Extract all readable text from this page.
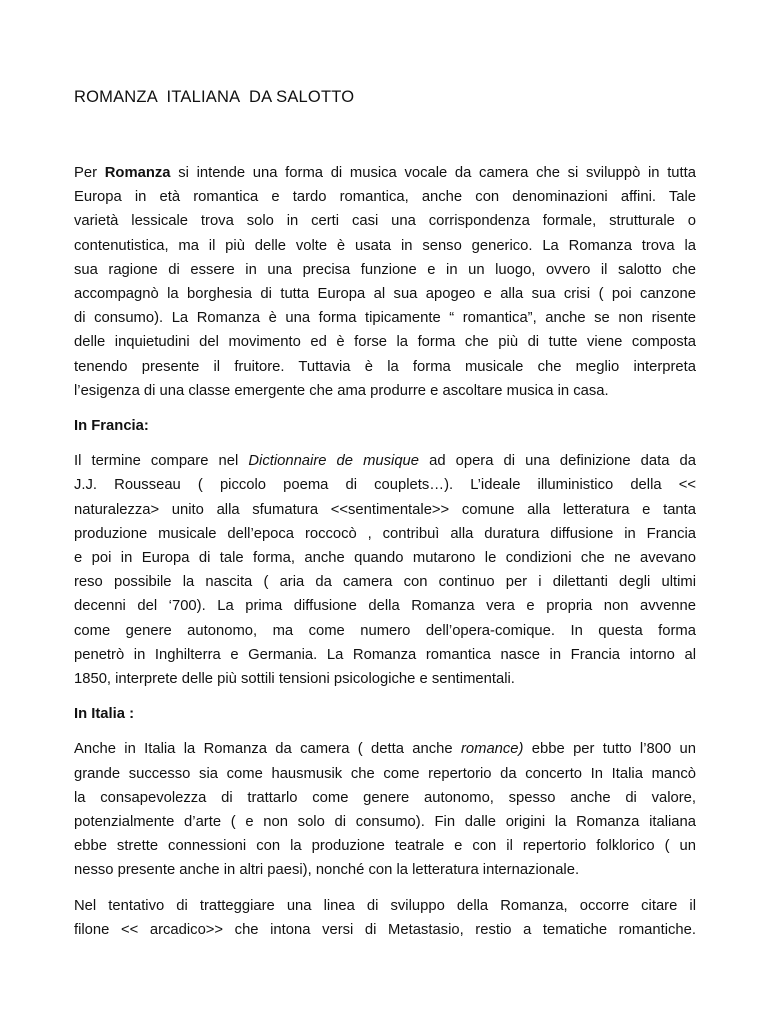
ROMANZA  ITALIANA  DA SALOTTO

Per Romanza si intende una forma di musica vocale da camera che si sviluppò in tutta
Europa in età romantica e tardo romantica, anche con denominazioni affini. Tale
varietà lessicale trova solo in certi casi una corrispondenza formale, strutturale o
contenutistica, ma il più delle volte è usata in senso generico. La Romanza trova la
sua ragione di essere in una precisa funzione e in un luogo, ovvero il salotto che
accompagnò la borghesia di tutta Europa al sua apogeo e alla sua crisi ( poi canzone
di consumo). La Romanza è una forma tipicamente “ romantica”, anche se non risente
delle inquietudini del movimento ed è forse la forma che più di tutte viene composta
tenendo presente il fruitore. Tuttavia è la forma musicale che meglio interpreta
l’esigenza di una classe emergente che ama produrre e ascoltare musica in casa.

In Francia:

Il termine compare nel Dictionnaire de musique ad opera di una definizione data da
J.J. Rousseau ( piccolo poema di couplets…). L’ideale illuministico della <<
naturalezza> unito alla sfumatura <<sentimentale>> comune alla letteratura e tanta
produzione musicale dell’epoca roccocò , contribuì alla duratura diffusione in Francia
e poi in Europa di tale forma, anche quando mutarono le condizioni che ne avevano
reso possibile la nascita ( aria da camera con continuo per i dilettanti degli ultimi
decenni del ‘700). La prima diffusione della Romanza vera e propria non avvenne
come genere autonomo, ma come numero dell’opera-comique. In questa forma
penetrò in Inghilterra e Germania. La Romanza romantica nasce in Francia intorno al
1850, interprete delle più sottili tensioni psicologiche e sentimentali.

In Italia :

Anche in Italia la Romanza da camera ( detta anche romance) ebbe per tutto l’800 un
grande successo sia come hausmusik che come repertorio da concerto In Italia mancò
la consapevolezza di trattarlo come genere autonomo, spesso anche di valore,
potenzialmente d’arte ( e non solo di consumo). Fin dalle origini la Romanza italiana
ebbe strette connessioni con la produzione teatrale e con il repertorio folklorico ( un
nesso presente anche in altri paesi), nonché con la letteratura internazionale.

Nel tentativo di tratteggiare una linea di sviluppo della Romanza, occorre citare il
filone << arcadico>> che intona versi di Metastasio, restio a tematiche romantiche.
